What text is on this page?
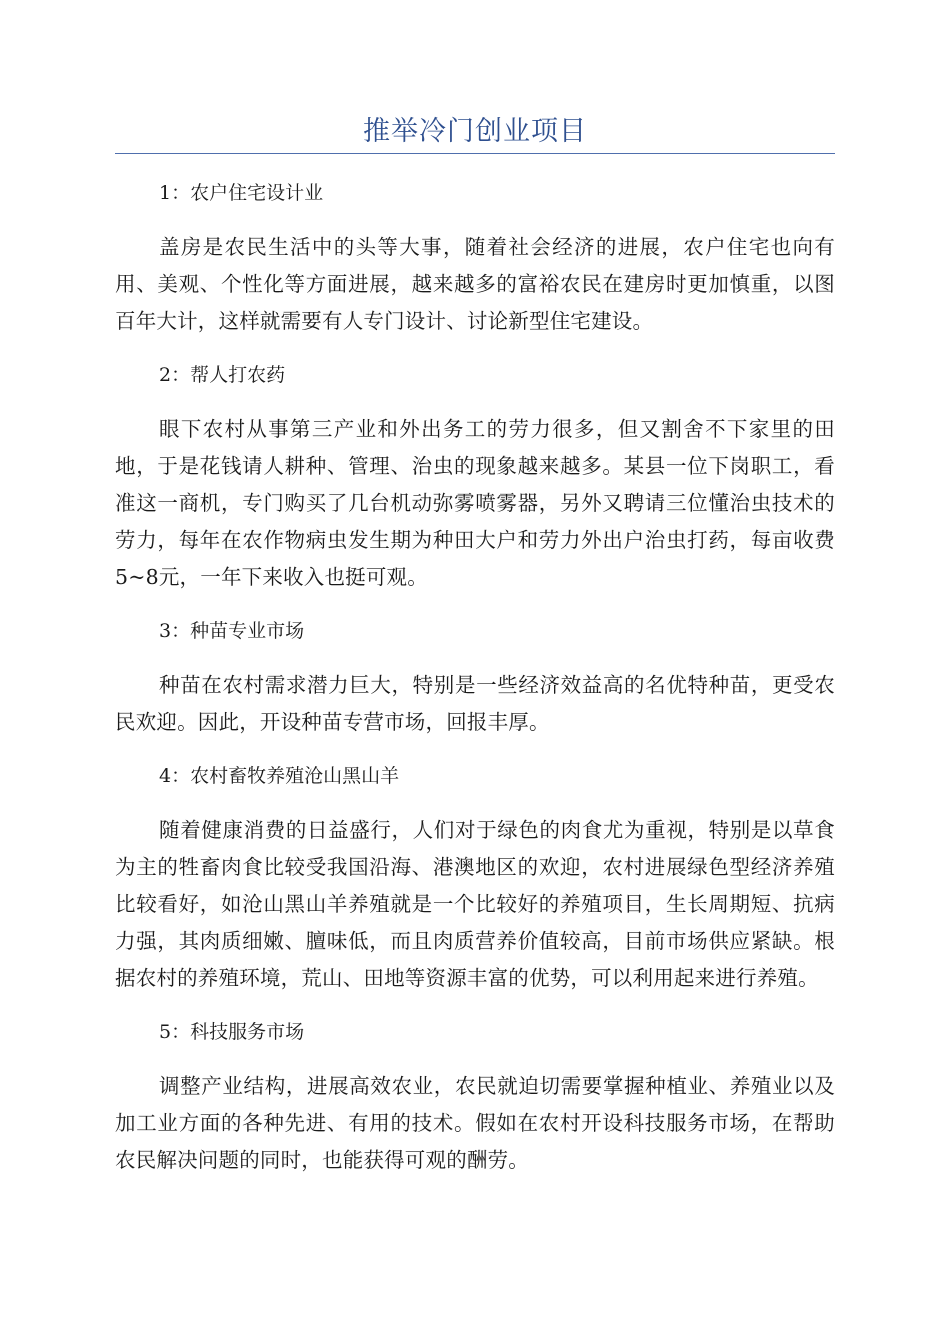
推举冷门创业项目

1：农户住宅设计业

盖房是农民生活中的头等大事，随着社会经济的进展，农户住宅也向有用、美观、个性化等方面进展，越来越多的富裕农民在建房时更加慎重，以图百年大计，这样就需要有人专门设计、讨论新型住宅建设。

2：帮人打农药

眼下农村从事第三产业和外出务工的劳力很多，但又割舍不下家里的田地，于是花钱请人耕种、管理、治虫的现象越来越多。某县一位下岗职工，看准这一商机，专门购买了几台机动弥雾喷雾器，另外又聘请三位懂治虫技术的劳力，每年在农作物病虫发生期为种田大户和劳力外出户治虫打药，每亩收费5~8元，一年下来收入也挺可观。

3：种苗专业市场

种苗在农村需求潜力巨大，特别是一些经济效益高的名优特种苗，更受农民欢迎。因此，开设种苗专营市场，回报丰厚。

4：农村畜牧养殖沧山黑山羊

随着健康消费的日益盛行，人们对于绿色的肉食尤为重视，特别是以草食为主的牲畜肉食比较受我国沿海、港澳地区的欢迎，农村进展绿色型经济养殖比较看好，如沧山黑山羊养殖就是一个比较好的养殖项目，生长周期短、抗病力强，其肉质细嫩、膻味低，而且肉质营养价值较高，目前市场供应紧缺。根据农村的养殖环境，荒山、田地等资源丰富的优势，可以利用起来进行养殖。

5：科技服务市场

调整产业结构，进展高效农业，农民就迫切需要掌握种植业、养殖业以及加工业方面的各种先进、有用的技术。假如在农村开设科技服务市场，在帮助农民解决问题的同时，也能获得可观的酬劳。
